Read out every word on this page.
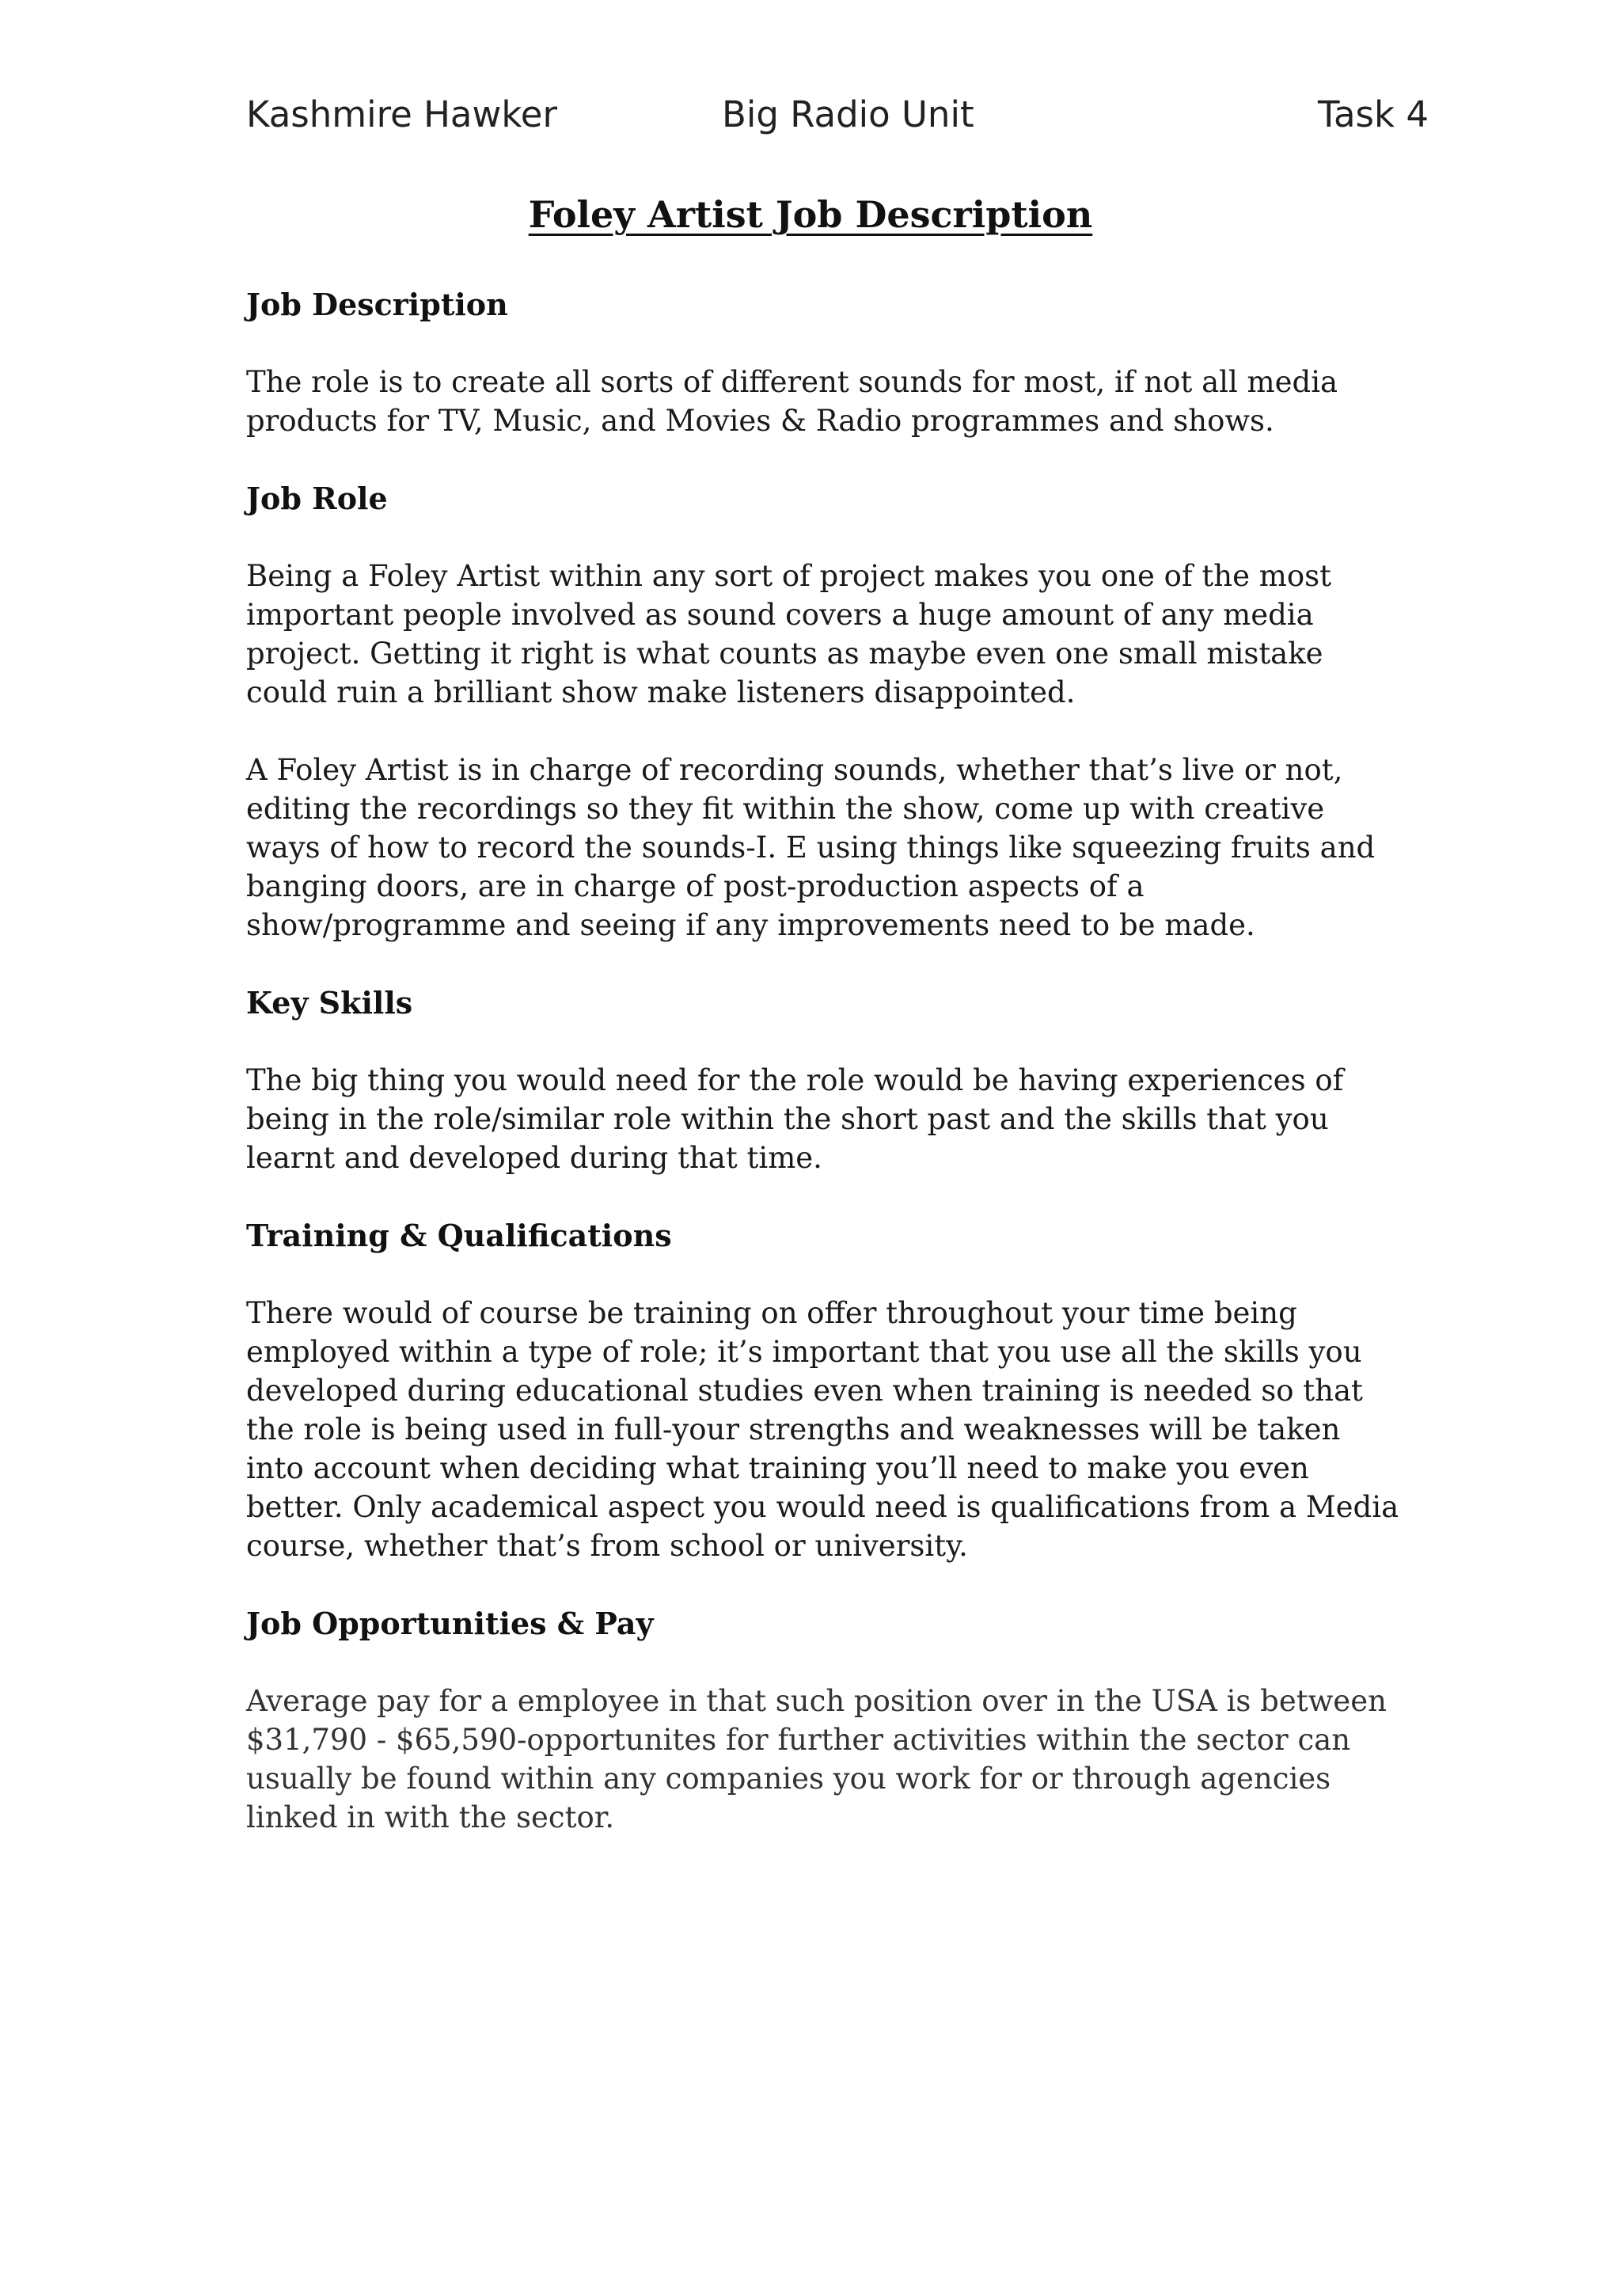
Kashmire Hawker	Big Radio Unit	Task 4
Foley Artist Job Description
Job Description
The role is to create all sorts of different sounds for most, if not all media products for TV, Music, and Movies & Radio programmes and shows.
Job Role
Being a Foley Artist within any sort of project makes you one of the most important people involved as sound covers a huge amount of any media project. Getting it right is what counts as maybe even one small mistake could ruin a brilliant show make listeners disappointed.
A Foley Artist is in charge of recording sounds, whether that’s live or not, editing the recordings so they fit within the show, come up with creative ways of how to record the sounds-I. E using things like squeezing fruits and banging doors, are in charge of post-production aspects of a show/programme and seeing if any improvements need to be made.
Key Skills
The big thing you would need for the role would be having experiences of being in the role/similar role within the short past and the skills that you learnt and developed during that time.
Training & Qualifications
There would of course be training on offer throughout your time being employed within a type of role; it’s important that you use all the skills you developed during educational studies even when training is needed so that the role is being used in full-your strengths and weaknesses will be taken into account when deciding what training you’ll need to make you even better. Only academical aspect you would need is qualifications from a Media course, whether that’s from school or university.
Job Opportunities & Pay
Average pay for a employee in that such position over in the USA is between $31,790 - $65,590-opportunites for further activities within the sector can usually be found within any companies you work for or through agencies linked in with the sector.
